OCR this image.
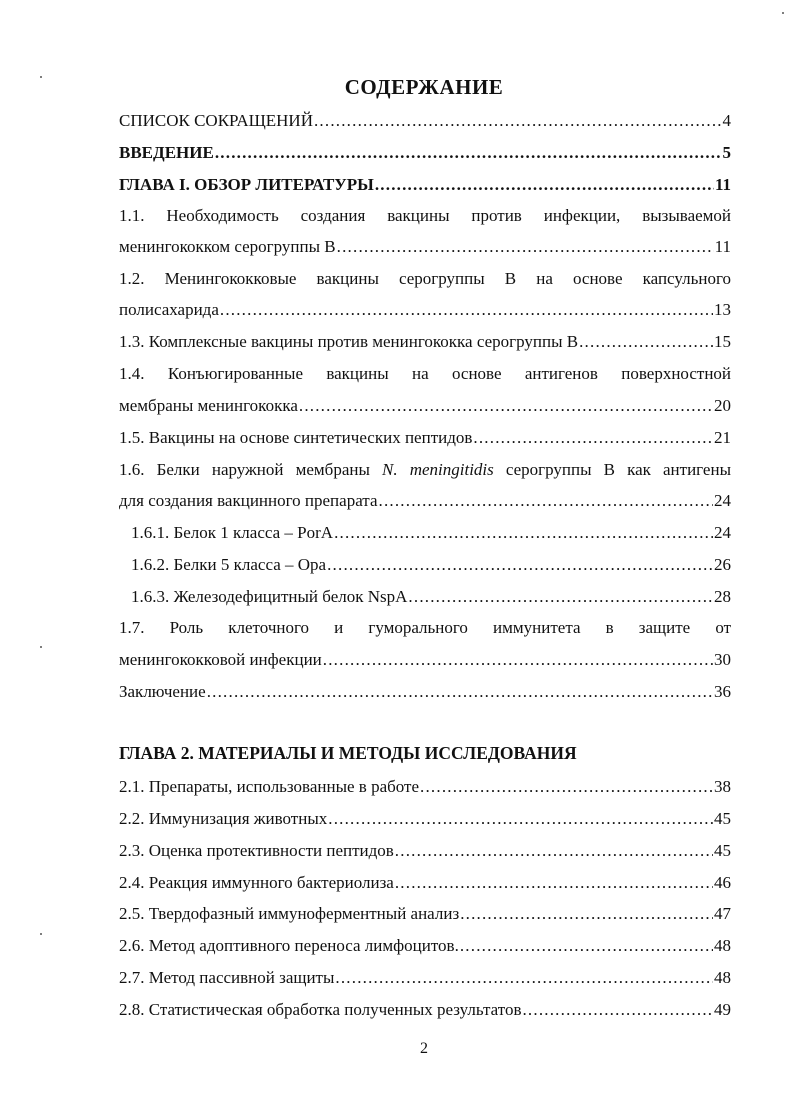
СОДЕРЖАНИЕ
СПИСОК СОКРАЩЕНИЙ .....	4
ВВЕДЕНИЕ .....	5
ГЛАВА I. ОБЗОР ЛИТЕРАТУРЫ .....	11
1.1. Необходимость создания вакцины против инфекции, вызываемой
менингококком серогруппы В .....	11
1.2. Менингококковые вакцины серогруппы В на основе капсульного
полисахарида .....	13
1.3. Комплексные вакцины против менингококка серогруппы В .....	15
1.4. Конъюгированные вакцины на основе антигенов поверхностной
мембраны менингококка .....	20
1.5. Вакцины на основе синтетических пептидов .....	21
1.6. Белки наружной мембраны N. meningitidis серогруппы В как антигены
для создания вакцинного препарата .....	24
1.6.1. Белок 1 класса – PorA .....	24
1.6.2. Белки 5 класса – Opa .....	26
1.6.3. Железодефицитный белок NspA .....	28
1.7. Роль клеточного и гуморального иммунитета в защите от
менингококковой инфекции .....	30
Заключение .....	36
ГЛАВА 2. МАТЕРИАЛЫ И МЕТОДЫ ИССЛЕДОВАНИЯ
2.1. Препараты, использованные в работе .....	38
2.2. Иммунизация животных .....	45
2.3. Оценка протективности пептидов .....	45
2.4. Реакция иммунного бактериолиза .....	46
2.5. Твердофазный иммуноферментный анализ .....	47
2.6. Метод адоптивного переноса лимфоцитов. .....	48
2.7. Метод пассивной защиты .....	48
2.8. Статистическая обработка полученных результатов .....	49
2
